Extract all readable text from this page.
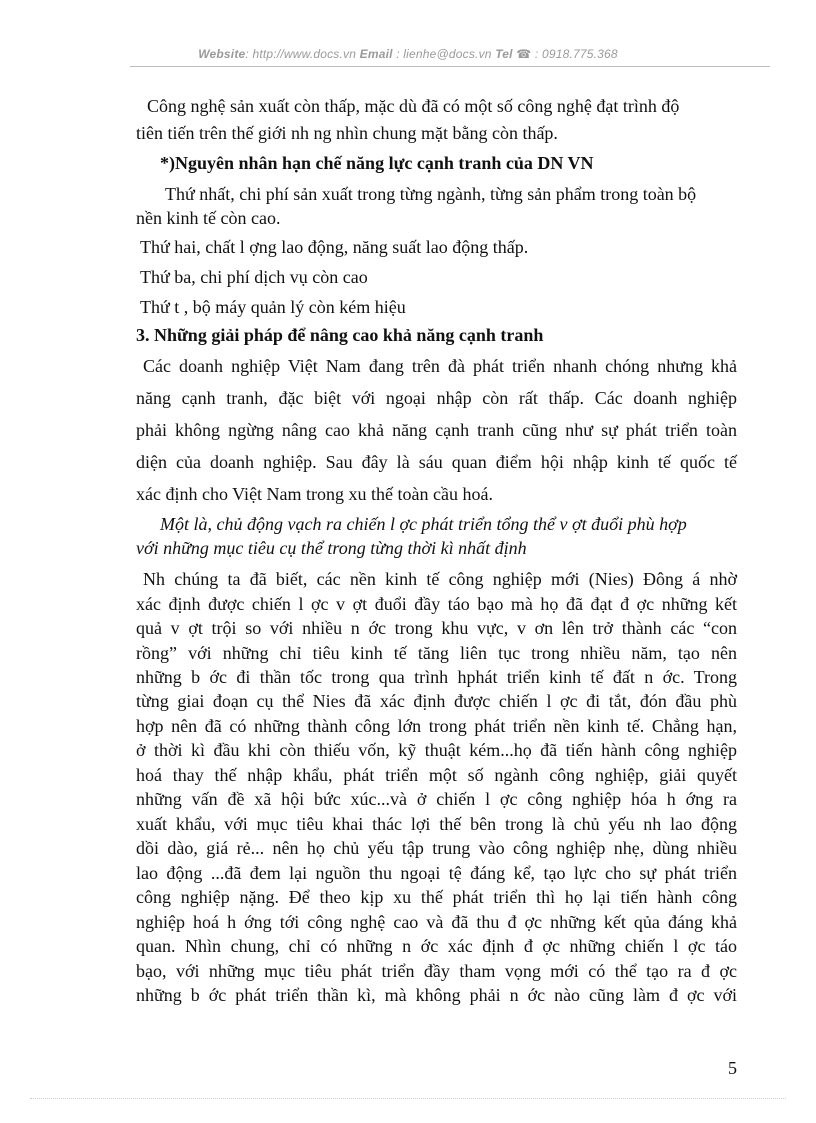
Website: http://www.docs.vn Email : lienhe@docs.vn Tel ☎ : 0918.775.368
Công nghệ sản xuất còn thấp, mặc dù đã có một số công nghệ đạt trình độ
tiên tiến trên thế giới nh ng nhìn chung mặt bằng còn thấp.
*)Nguyên nhân hạn chế năng lực cạnh tranh của DN VN
Thứ nhất, chi phí sản xuất trong từng ngành, từng sản phẩm trong toàn bộ
nền kinh tế còn cao.
Thứ hai, chất l ợng lao động, năng suất lao động thấp.
Thứ ba, chi phí dịch vụ còn cao
Thứ t , bộ máy quản lý còn kém hiệu
3. Những giải pháp để nâng cao khả năng cạnh tranh
Các doanh nghiệp Việt Nam đang trên đà phát triển nhanh chóng nhưng khả
năng cạnh tranh, đặc biệt với ngoại nhập còn rất thấp. Các doanh nghiệp
phải không ngừng nâng cao khả năng cạnh tranh cũng như sự phát triển toàn
diện của doanh nghiệp. Sau đây là sáu quan điểm hội nhập kinh tế quốc tế
xác định cho Việt Nam trong xu thế toàn cầu hoá.
Một là, chủ động vạch ra chiến l ợc phát triển tổng thể v ợt đuổi phù hợp
với những mục tiêu cụ thể trong từng thời kì nhất định
Nh chúng ta đã biết, các nền kinh tế công nghiệp mới (Nies) Đông á nhờ
xác định được chiến l ợc v ợt đuổi đầy táo bạo mà họ đã đạt đ ợc những kết
quả v ợt trội so với nhiều n ớc trong khu vực, v ơn lên trở thành các “con
rồng” với những chỉ tiêu kinh tế tăng liên tục trong nhiều năm, tạo nên
những b ớc đi thần tốc trong qua trình hphát triển kinh tế đất n ớc. Trong
từng giai đoạn cụ thể Nies đã xác định được chiến l ợc đi tắt, đón đầu phù
hợp nên đã có những thành công lớn trong phát triển nền kinh tế. Chẳng hạn,
ở thời kì đầu khi còn thiếu vốn, kỹ thuật kém...họ đã tiến hành công nghiệp
hoá thay thế nhập khẩu, phát triển một số ngành công nghiệp, giải quyết
những vấn đề xã hội bức xúc...và ở chiến l ợc công nghiệp hóa h ớng ra
xuất khẩu, với mục tiêu khai thác lợi thế bên trong là chủ yếu nh lao động
dồi dào, giá rẻ... nên họ chủ yếu tập trung vào công nghiệp nhẹ, dùng nhiều
lao động ...đã đem lại nguồn thu ngoại tệ đáng kể, tạo lực cho sự phát triển
công nghiệp nặng. Để theo kịp xu thế phát triển thì họ lại tiến hành công
nghiệp hoá h ớng tới công nghệ cao và đã thu đ ợc những kết qủa đáng khả
quan. Nhìn chung, chỉ có những n ớc xác định đ ợc những chiến l ợc táo
bạo, với những mục tiêu phát triển đầy tham vọng mới có thể tạo ra đ ợc
những b ớc phát triển thần kì, mà không phải n ớc nào cũng làm đ ợc với
5
